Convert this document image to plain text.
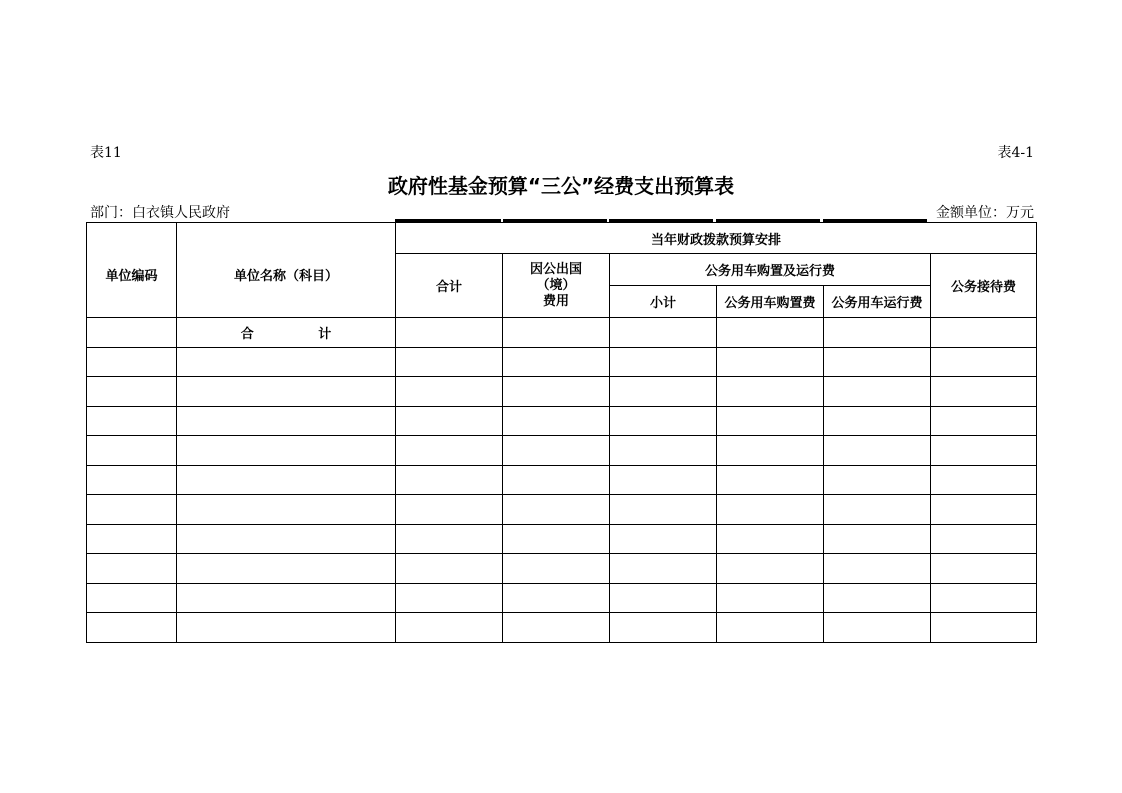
表11	表4-1
政府性基金预算“三公”经费支出预算表
部门：白衣镇人民政府	金额单位：万元
单位编码	单位名称（科目）	当年财政拨款预算安排					
		合计	因公出国
（境）
费用	公务用车购置及运行费			公务接待费
				小计	公务用车购置费	公务用车运行费	
	合 计						
